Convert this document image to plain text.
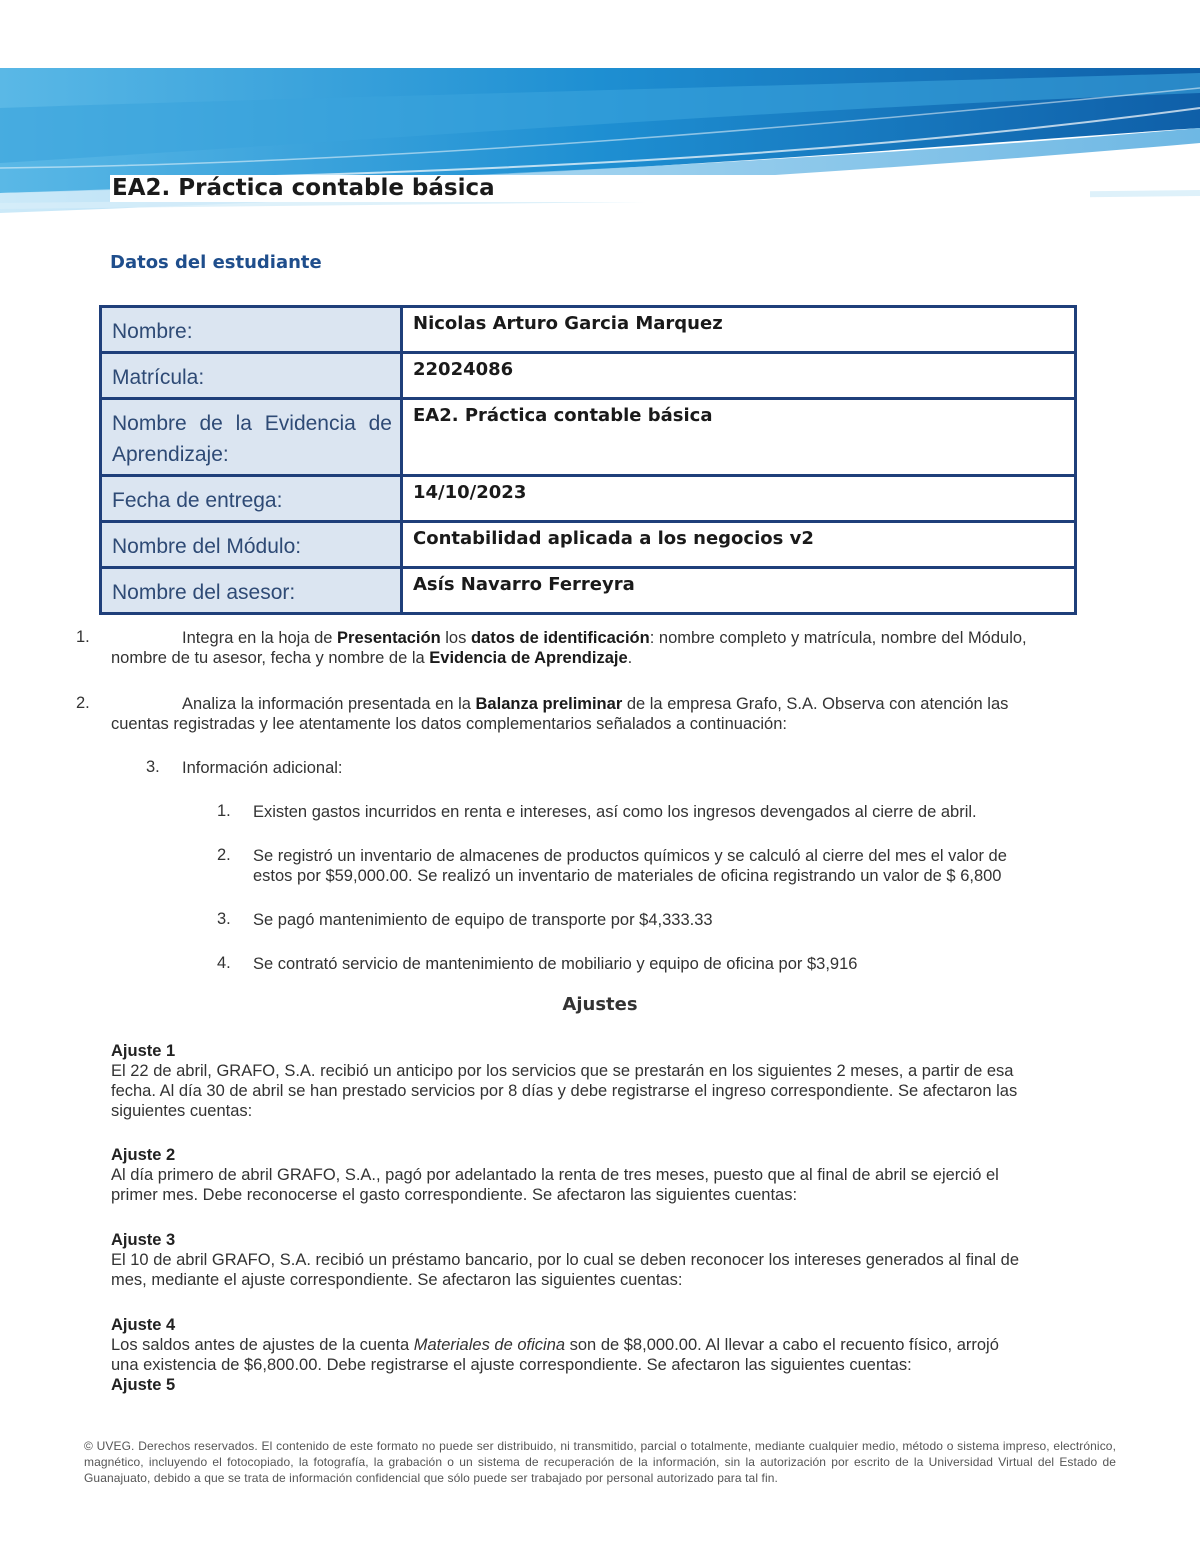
EA2. Práctica contable básica
Datos del estudiante
Nombre:	Nicolas Arturo Garcia Marquez
Matrícula:	22024086
Nombre de la Evidencia de Aprendizaje:	EA2. Práctica contable básica
Fecha de entrega:	14/10/2023
Nombre del Módulo:	Contabilidad aplicada a los negocios v2
Nombre del asesor:	Asís Navarro Ferreyra
1.	Integra en la hoja de Presentación los datos de identificación: nombre completo y matrícula, nombre del Módulo,
nombre de tu asesor, fecha y nombre de la Evidencia de Aprendizaje.
2.	Analiza la información presentada en la Balanza preliminar de la empresa Grafo, S.A. Observa con atención las
cuentas registradas y lee atentamente los datos complementarios señalados a continuación:
3. Información adicional:
1. Existen gastos incurridos en renta e intereses, así como los ingresos devengados al cierre de abril.
2. Se registró un inventario de almacenes de productos químicos y se calculó al cierre del mes el valor de
estos por $59,000.00. Se realizó un inventario de materiales de oficina registrando un valor de $ 6,800
3. Se pagó mantenimiento de equipo de transporte por $4,333.33
4. Se contrató servicio de mantenimiento de mobiliario y equipo de oficina por $3,916
Ajustes
Ajuste 1
El 22 de abril, GRAFO, S.A. recibió un anticipo por los servicios que se prestarán en los siguientes 2 meses, a partir de esa
fecha. Al día 30 de abril se han prestado servicios por 8 días y debe registrarse el ingreso correspondiente. Se afectaron las
siguientes cuentas:
Ajuste 2
Al día primero de abril GRAFO, S.A., pagó por adelantado la renta de tres meses, puesto que al final de abril se ejerció el
primer mes. Debe reconocerse el gasto correspondiente. Se afectaron las siguientes cuentas:
Ajuste 3
El 10 de abril GRAFO, S.A. recibió un préstamo bancario, por lo cual se deben reconocer los intereses generados al final de
mes, mediante el ajuste correspondiente. Se afectaron las siguientes cuentas:
Ajuste 4
Los saldos antes de ajustes de la cuenta Materiales de oficina son de $8,000.00. Al llevar a cabo el recuento físico, arrojó
una existencia de $6,800.00. Debe registrarse el ajuste correspondiente. Se afectaron las siguientes cuentas:
Ajuste 5
© UVEG. Derechos reservados. El contenido de este formato no puede ser distribuido, ni transmitido, parcial o totalmente, mediante cualquier medio, método o sistema impreso, electrónico, magnético, incluyendo el fotocopiado, la fotografía, la grabación o un sistema de recuperación de la información, sin la autorización por escrito de la Universidad Virtual del Estado de Guanajuato, debido a que se trata de información confidencial que sólo puede ser trabajado por personal autorizado para tal fin.
